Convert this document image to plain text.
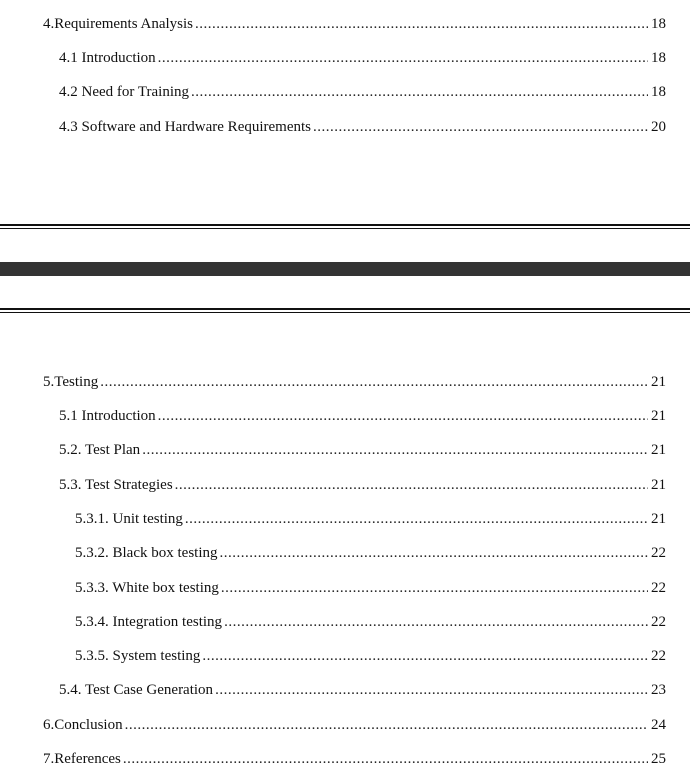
4.Requirements Analysis .....	18
4.1 Introduction .....	18
4.2 Need for Training .....	18
4.3 Software and Hardware Requirements .....	20
5.Testing .....	21
5.1 Introduction .....	21
5.2. Test Plan .....	21
5.3. Test Strategies .....	21
5.3.1. Unit testing .....	21
5.3.2. Black box testing .....	22
5.3.3. White box testing .....	22
5.3.4. Integration testing .....	22
5.3.5. System testing .....	22
5.4. Test Case Generation .....	23
6.Conclusion .....	24
7.References .....	25
